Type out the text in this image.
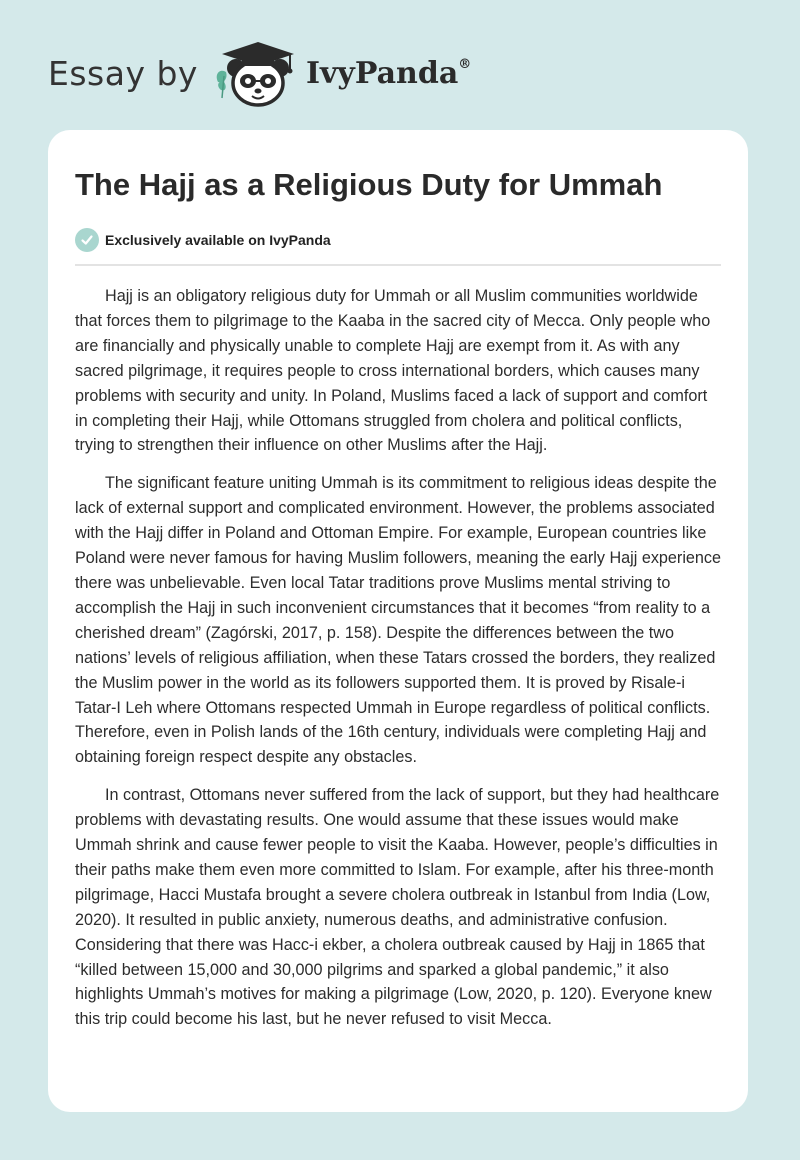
Essay by	IvyPanda®
The Hajj as a Religious Duty for Ummah
Exclusively available on IvyPanda

Hajj is an obligatory religious duty for Ummah or all Muslim communities worldwide that forces them to pilgrimage to the Kaaba in the sacred city of Mecca. Only people who are financially and physically unable to complete Hajj are exempt from it. As with any sacred pilgrimage, it requires people to cross international borders, which causes many problems with security and unity. In Poland, Muslims faced a lack of support and comfort in completing their Hajj, while Ottomans struggled from cholera and political conflicts, trying to strengthen their influence on other Muslims after the Hajj.

The significant feature uniting Ummah is its commitment to religious ideas despite the lack of external support and complicated environment. However, the problems associated with the Hajj differ in Poland and Ottoman Empire. For example, European countries like Poland were never famous for having Muslim followers, meaning the early Hajj experience there was unbelievable. Even local Tatar traditions prove Muslims mental striving to accomplish the Hajj in such inconvenient circumstances that it becomes “from reality to a cherished dream” (Zagórski, 2017, p. 158). Despite the differences between the two nations’ levels of religious affiliation, when these Tatars crossed the borders, they realized the Muslim power in the world as its followers supported them. It is proved by Risale-i Tatar-I Leh where Ottomans respected Ummah in Europe regardless of political conflicts. Therefore, even in Polish lands of the 16th century, individuals were completing Hajj and obtaining foreign respect despite any obstacles.

In contrast, Ottomans never suffered from the lack of support, but they had healthcare problems with devastating results. One would assume that these issues would make Ummah shrink and cause fewer people to visit the Kaaba. However, people’s difficulties in their paths make them even more committed to Islam. For example, after his three-month pilgrimage, Hacci Mustafa brought a severe cholera outbreak in Istanbul from India (Low, 2020). It resulted in public anxiety, numerous deaths, and administrative confusion. Considering that there was Hacc-i ekber, a cholera outbreak caused by Hajj in 1865 that “killed between 15,000 and 30,000 pilgrims and sparked a global pandemic,” it also highlights Ummah’s motives for making a pilgrimage (Low, 2020, p. 120). Everyone knew this trip could become his last, but he never refused to visit Mecca.
